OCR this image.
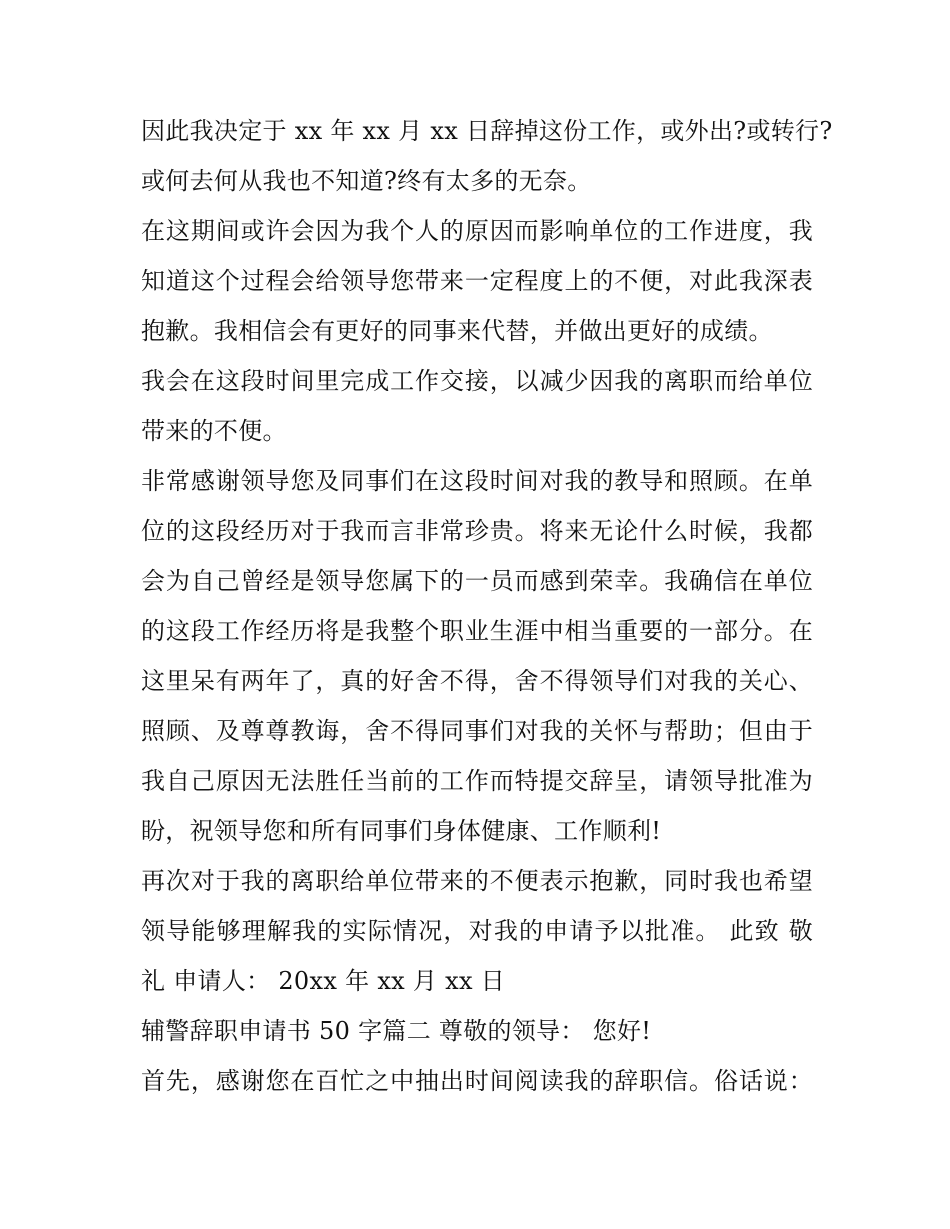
因此我决定于 xx 年 xx 月 xx 日辞掉这份工作，或外出?或转行?
或何去何从我也不知道?终有太多的无奈。
在这期间或许会因为我个人的原因而影响单位的工作进度，我
知道这个过程会给领导您带来一定程度上的不便，对此我深表
抱歉。我相信会有更好的同事来代替，并做出更好的成绩。
我会在这段时间里完成工作交接，以减少因我的离职而给单位
带来的不便。
非常感谢领导您及同事们在这段时间对我的教导和照顾。在单
位的这段经历对于我而言非常珍贵。将来无论什么时候，我都
会为自己曾经是领导您属下的一员而感到荣幸。我确信在单位
的这段工作经历将是我整个职业生涯中相当重要的一部分。在
这里呆有两年了，真的好舍不得，舍不得领导们对我的关心、
照顾、及尊尊教诲，舍不得同事们对我的关怀与帮助；但由于
我自己原因无法胜任当前的工作而特提交辞呈，请领导批准为
盼，祝领导您和所有同事们身体健康、工作顺利!
再次对于我的离职给单位带来的不便表示抱歉，同时我也希望
领导能够理解我的实际情况，对我的申请予以批准。 此致 敬
礼 申请人： 20xx 年 xx 月 xx 日
辅警辞职申请书 50 字篇二 尊敬的领导： 您好!
首先，感谢您在百忙之中抽出时间阅读我的辞职信。俗话说：
